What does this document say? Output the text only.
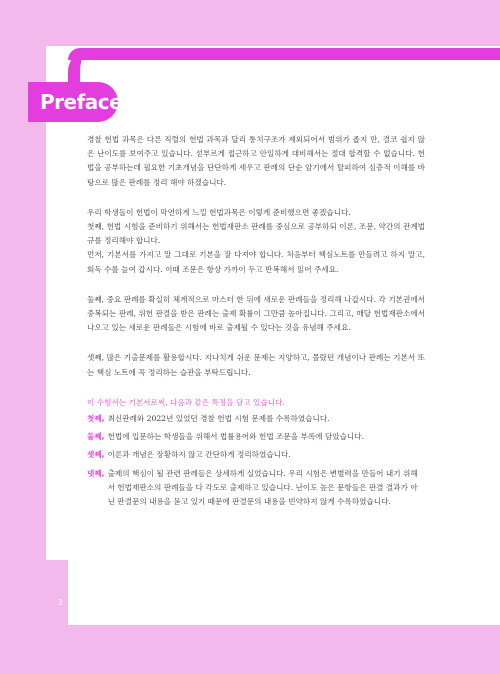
Preface
경찰 헌법 과목은 다른 직렬의 헌법 과목과 달리 통치구조가 제외되어서 범위가 좁지 만, 결코 쉽지 않은 난이도를 보여주고 있습니다. 섣부르게 접근하고 안일하게 대비해서는 절대 합격할 수 없습니다. 헌법을 공부하는데 필요한 기초개념을 단단하게 세우고 판례의 단순 암기에서 탈피하여 심층적 이해를 바탕으로 많은 판례를 정리 해야 하겠습니다.
우리 학생들이 헌법이 막연하게 느낄 헌법과목은 이렇게 준비했으면 좋겠습니다.
첫째, 헌법 시험을 준비하기 위해서는 헌법재판소 판례를 중심으로 공부하되 이론, 조문, 약간의 관계법규를 정리해야 합니다.
먼저, 기본서를 가지고 말 그대로 기본을 잘 다져야 합니다. 처음부터 핵심노트를 만들려고 하지 말고, 회독 수를 늘여 갑시다. 이때 조문은 항상 가까이 두고 반복해서 읽어 주세요.
둘째, 중요 판례를 확실히 체계적으로 마스터 한 뒤에 새로운 판례들을 정리해 나갑시다. 각 기본권에서 중복되는 판례, 위헌 판결을 받은 판례는 출제 확률이 그만큼 높아집니다. 그리고, 매달 헌법재판소에서 나오고 있는 새로운 판례들은 시험에 바로 출제될 수 있다는 것을 유념해 주세요.
셋째, 많은 기출문제를 활용합시다. 지나치게 쉬운 문제는 지양하고, 몰랐던 개념이나 판례는 기본서 또는 핵심 노트에 꼭 정리하는 습관을 부탁드립니다.
이 수험서는 기본서로써, 다음과 같은 특징을 담고 있습니다.
첫째, 최신판례와 2022년 있었던 경찰 헌법 시험 문제를 수록하였습니다.
둘째, 헌법에 입문하는 학생들을 위해서 법률용어와 헌법 조문을 부록에 담았습니다.
셋째, 이론과 개념은 장황하지 않고 간단하게 정리하였습니다.
넷째, 출제의 핵심이 될 관련 판례들은 상세하게 실었습니다. 우리 시험은 변별력을 만들어 내기 위해서 헌법재판소의 판례들을 다 각도로 출제하고 있습니다. 난이도 높은 문항들은 판결 결과가 아닌 판결문의 내용을 묻고 있기 때문에 판결문의 내용을 빈약하지 않게 수록하였습니다.
2
